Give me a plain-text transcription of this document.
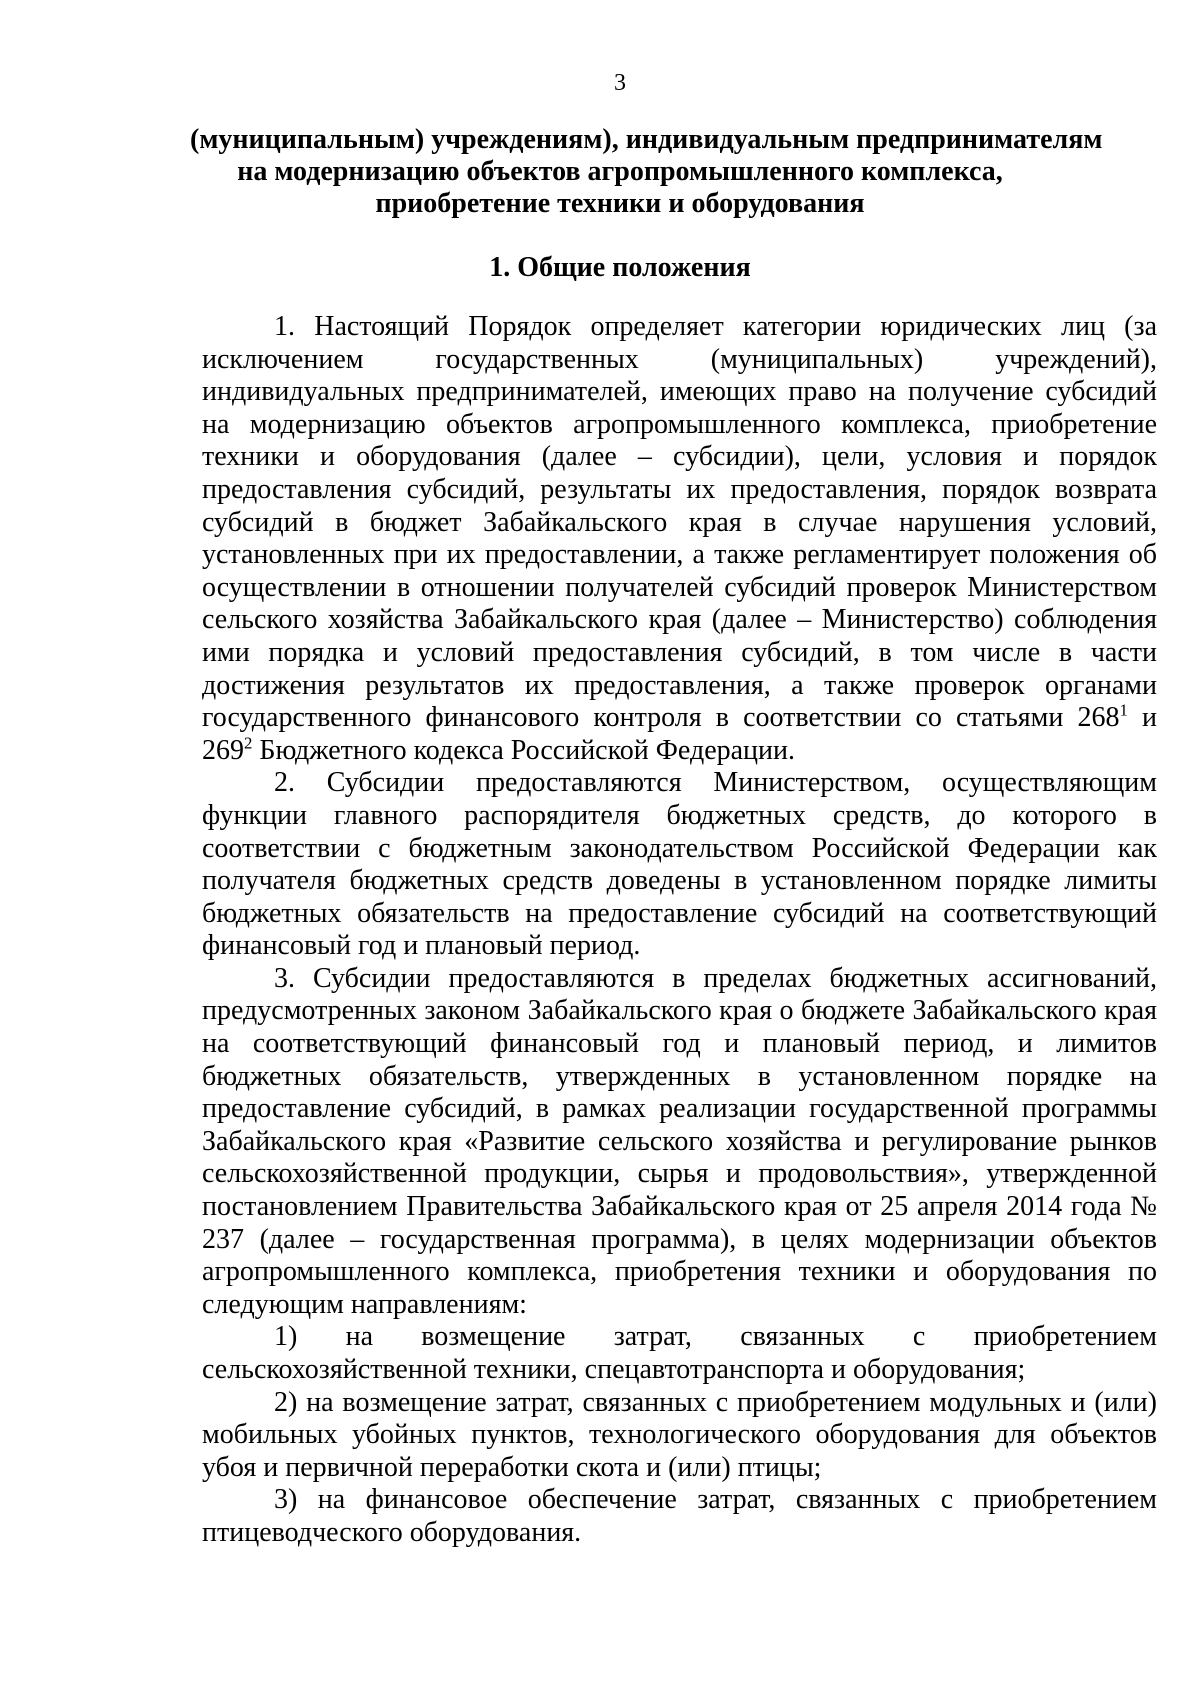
3
(муниципальным) учреждениям), индивидуальным предпринимателям
на модернизацию объектов агропромышленного комплекса,
приобретение техники и оборудования
1. Общие положения

1. Настоящий Порядок определяет категории юридических лиц (за исключением государственных (муниципальных) учреждений), индивидуальных предпринимателей, имеющих право на получение субсидий на модернизацию объектов агропромышленного комплекса, приобретение техники и оборудования (далее – субсидии), цели, условия и порядок предоставления субсидий, результаты их предоставления, порядок возврата субсидий в бюджет Забайкальского края в случае нарушения условий, установленных при их предоставлении, а также регламентирует положения об осуществлении в отношении получателей субсидий проверок Министерством сельского хозяйства Забайкальского края (далее – Министерство) соблюдения ими порядка и условий предоставления субсидий, в том числе в части достижения результатов их предоставления, а также проверок органами государственного финансового контроля в соответствии со статьями $268^1$ и $269^2$ Бюджетного кодекса Российской Федерации.

2. Субсидии предоставляются Министерством, осуществляющим функции главного распорядителя бюджетных средств, до которого в соответствии с бюджетным законодательством Российской Федерации как получателя бюджетных средств доведены в установленном порядке лимиты бюджетных обязательств на предоставление субсидий на соответствующий финансовый год и плановый период.

3. Субсидии предоставляются в пределах бюджетных ассигнований, предусмотренных законом Забайкальского края о бюджете Забайкальского края на соответствующий финансовый год и плановый период, и лимитов бюджетных обязательств, утвержденных в установленном порядке на предоставление субсидий, в рамках реализации государственной программы Забайкальского края «Развитие сельского хозяйства и регулирование рынков сельскохозяйственной продукции, сырья и продовольствия», утвержденной постановлением Правительства Забайкальского края от 25 апреля 2014 года № 237 (далее – государственная программа), в целях модернизации объектов агропромышленного комплекса, приобретения техники и оборудования по следующим направлениям:

1) на возмещение затрат, связанных с приобретением сельскохозяйственной техники, спецавтотранспорта и оборудования;

2) на возмещение затрат, связанных с приобретением модульных и (или) мобильных убойных пунктов, технологического оборудования для объектов убоя и первичной переработки скота и (или) птицы;

3) на финансовое обеспечение затрат, связанных с приобретением птицеводческого оборудования.
